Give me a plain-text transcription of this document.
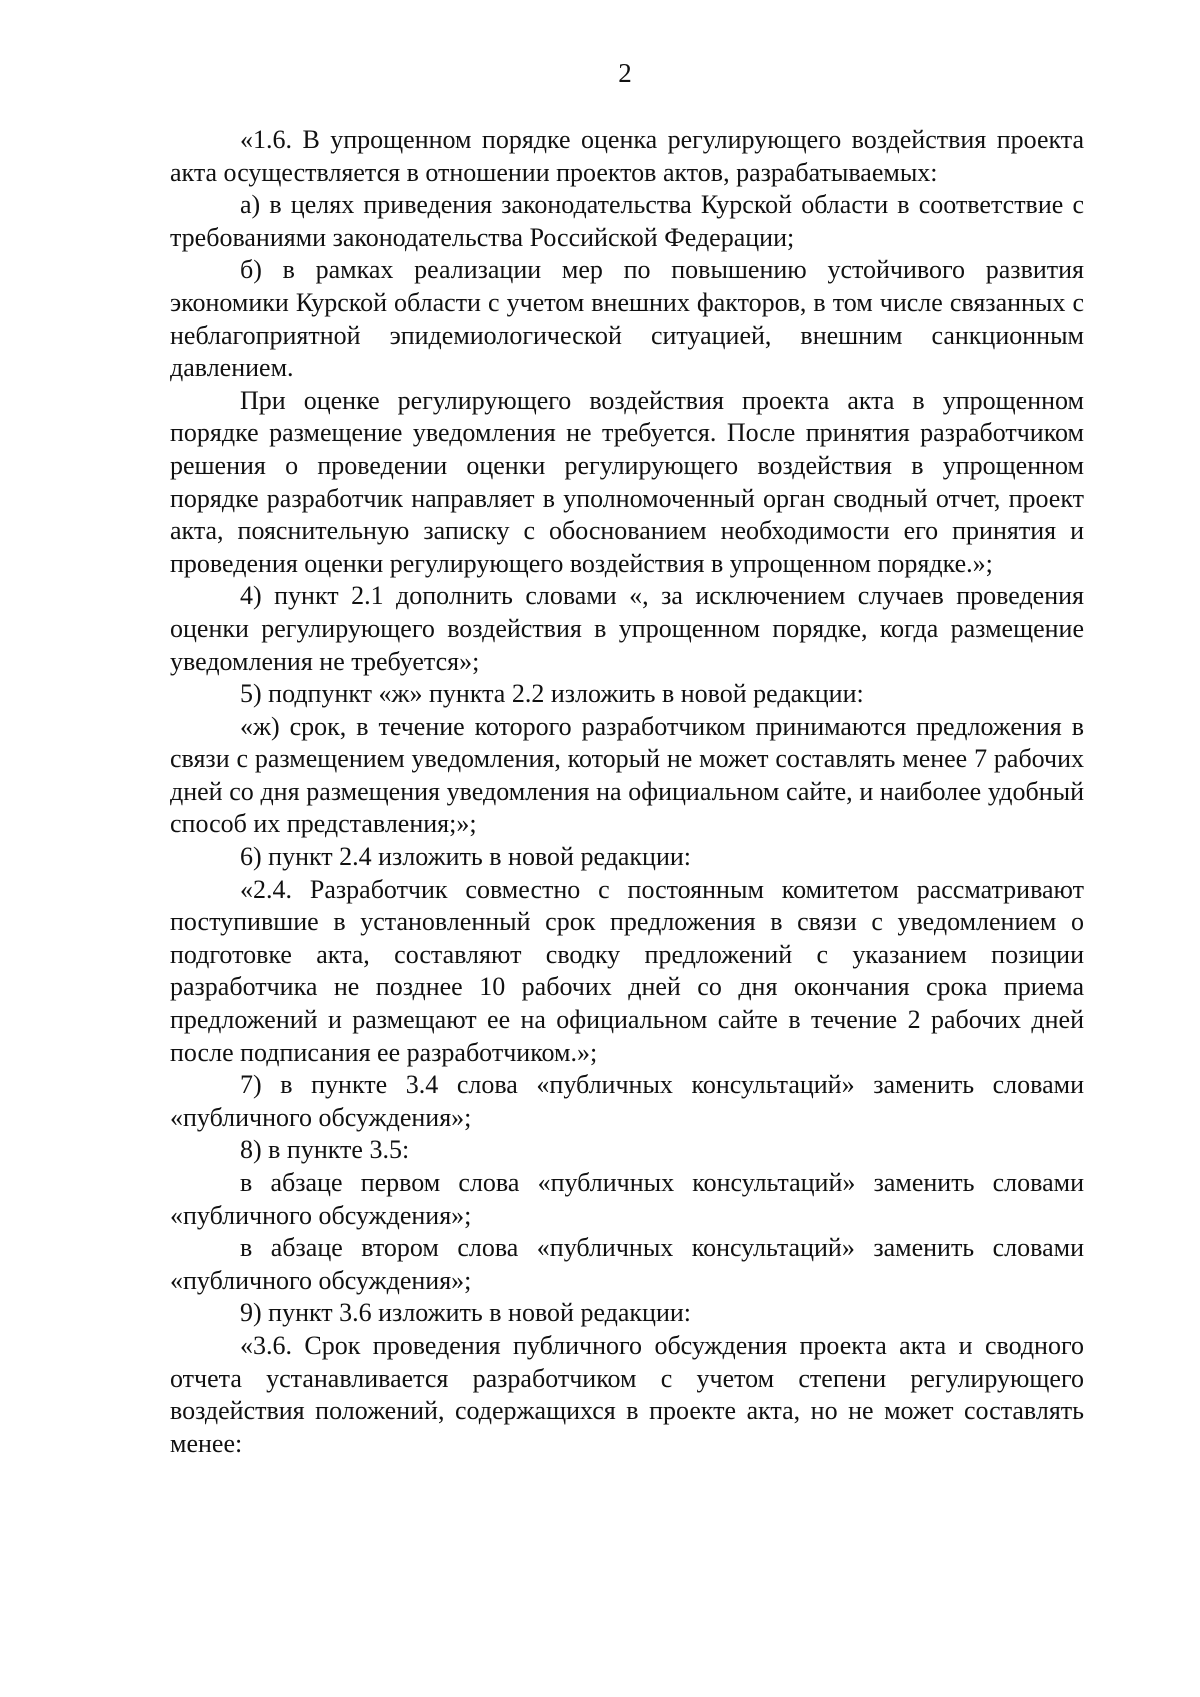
2

«1.6. В упрощенном порядке оценка регулирующего воздействия проекта акта осуществляется в отношении проектов актов, разрабатываемых:

а) в целях приведения законодательства Курской области в соответствие с требованиями законодательства Российской Федерации;

б) в рамках реализации мер по повышению устойчивого развития экономики Курской области с учетом внешних факторов, в том числе связанных с неблагоприятной эпидемиологической ситуацией, внешним санкционным давлением.

При оценке регулирующего воздействия проекта акта в упрощенном порядке размещение уведомления не требуется. После принятия разработчиком решения о проведении оценки регулирующего воздействия в упрощенном порядке разработчик направляет в уполномоченный орган сводный отчет, проект акта, пояснительную записку с обоснованием необходимости его принятия и проведения оценки регулирующего воздействия в упрощенном порядке.»;

4) пункт 2.1 дополнить словами «, за исключением случаев проведения оценки регулирующего воздействия в упрощенном порядке, когда размещение уведомления не требуется»;

5) подпункт «ж» пункта 2.2 изложить в новой редакции:

«ж) срок, в течение которого разработчиком принимаются предложения в связи с размещением уведомления, который не может составлять менее 7 рабочих дней со дня размещения уведомления на официальном сайте, и наиболее удобный способ их представления;»;

6) пункт 2.4 изложить в новой редакции:

«2.4. Разработчик совместно с постоянным комитетом рассматривают поступившие в установленный срок предложения в связи с уведомлением о подготовке акта, составляют сводку предложений с указанием позиции разработчика не позднее 10 рабочих дней со дня окончания срока приема предложений и размещают ее на официальном сайте в течение 2 рабочих дней после подписания ее разработчиком.»;

7) в пункте 3.4 слова «публичных консультаций» заменить словами «публичного обсуждения»;

8) в пункте 3.5:

в абзаце первом слова «публичных консультаций» заменить словами «публичного обсуждения»;

в абзаце втором слова «публичных консультаций» заменить словами «публичного обсуждения»;

9) пункт 3.6 изложить в новой редакции:

«3.6. Срок проведения публичного обсуждения проекта акта и сводного отчета устанавливается разработчиком с учетом степени регулирующего воздействия положений, содержащихся в проекте акта, но не может составлять менее:
